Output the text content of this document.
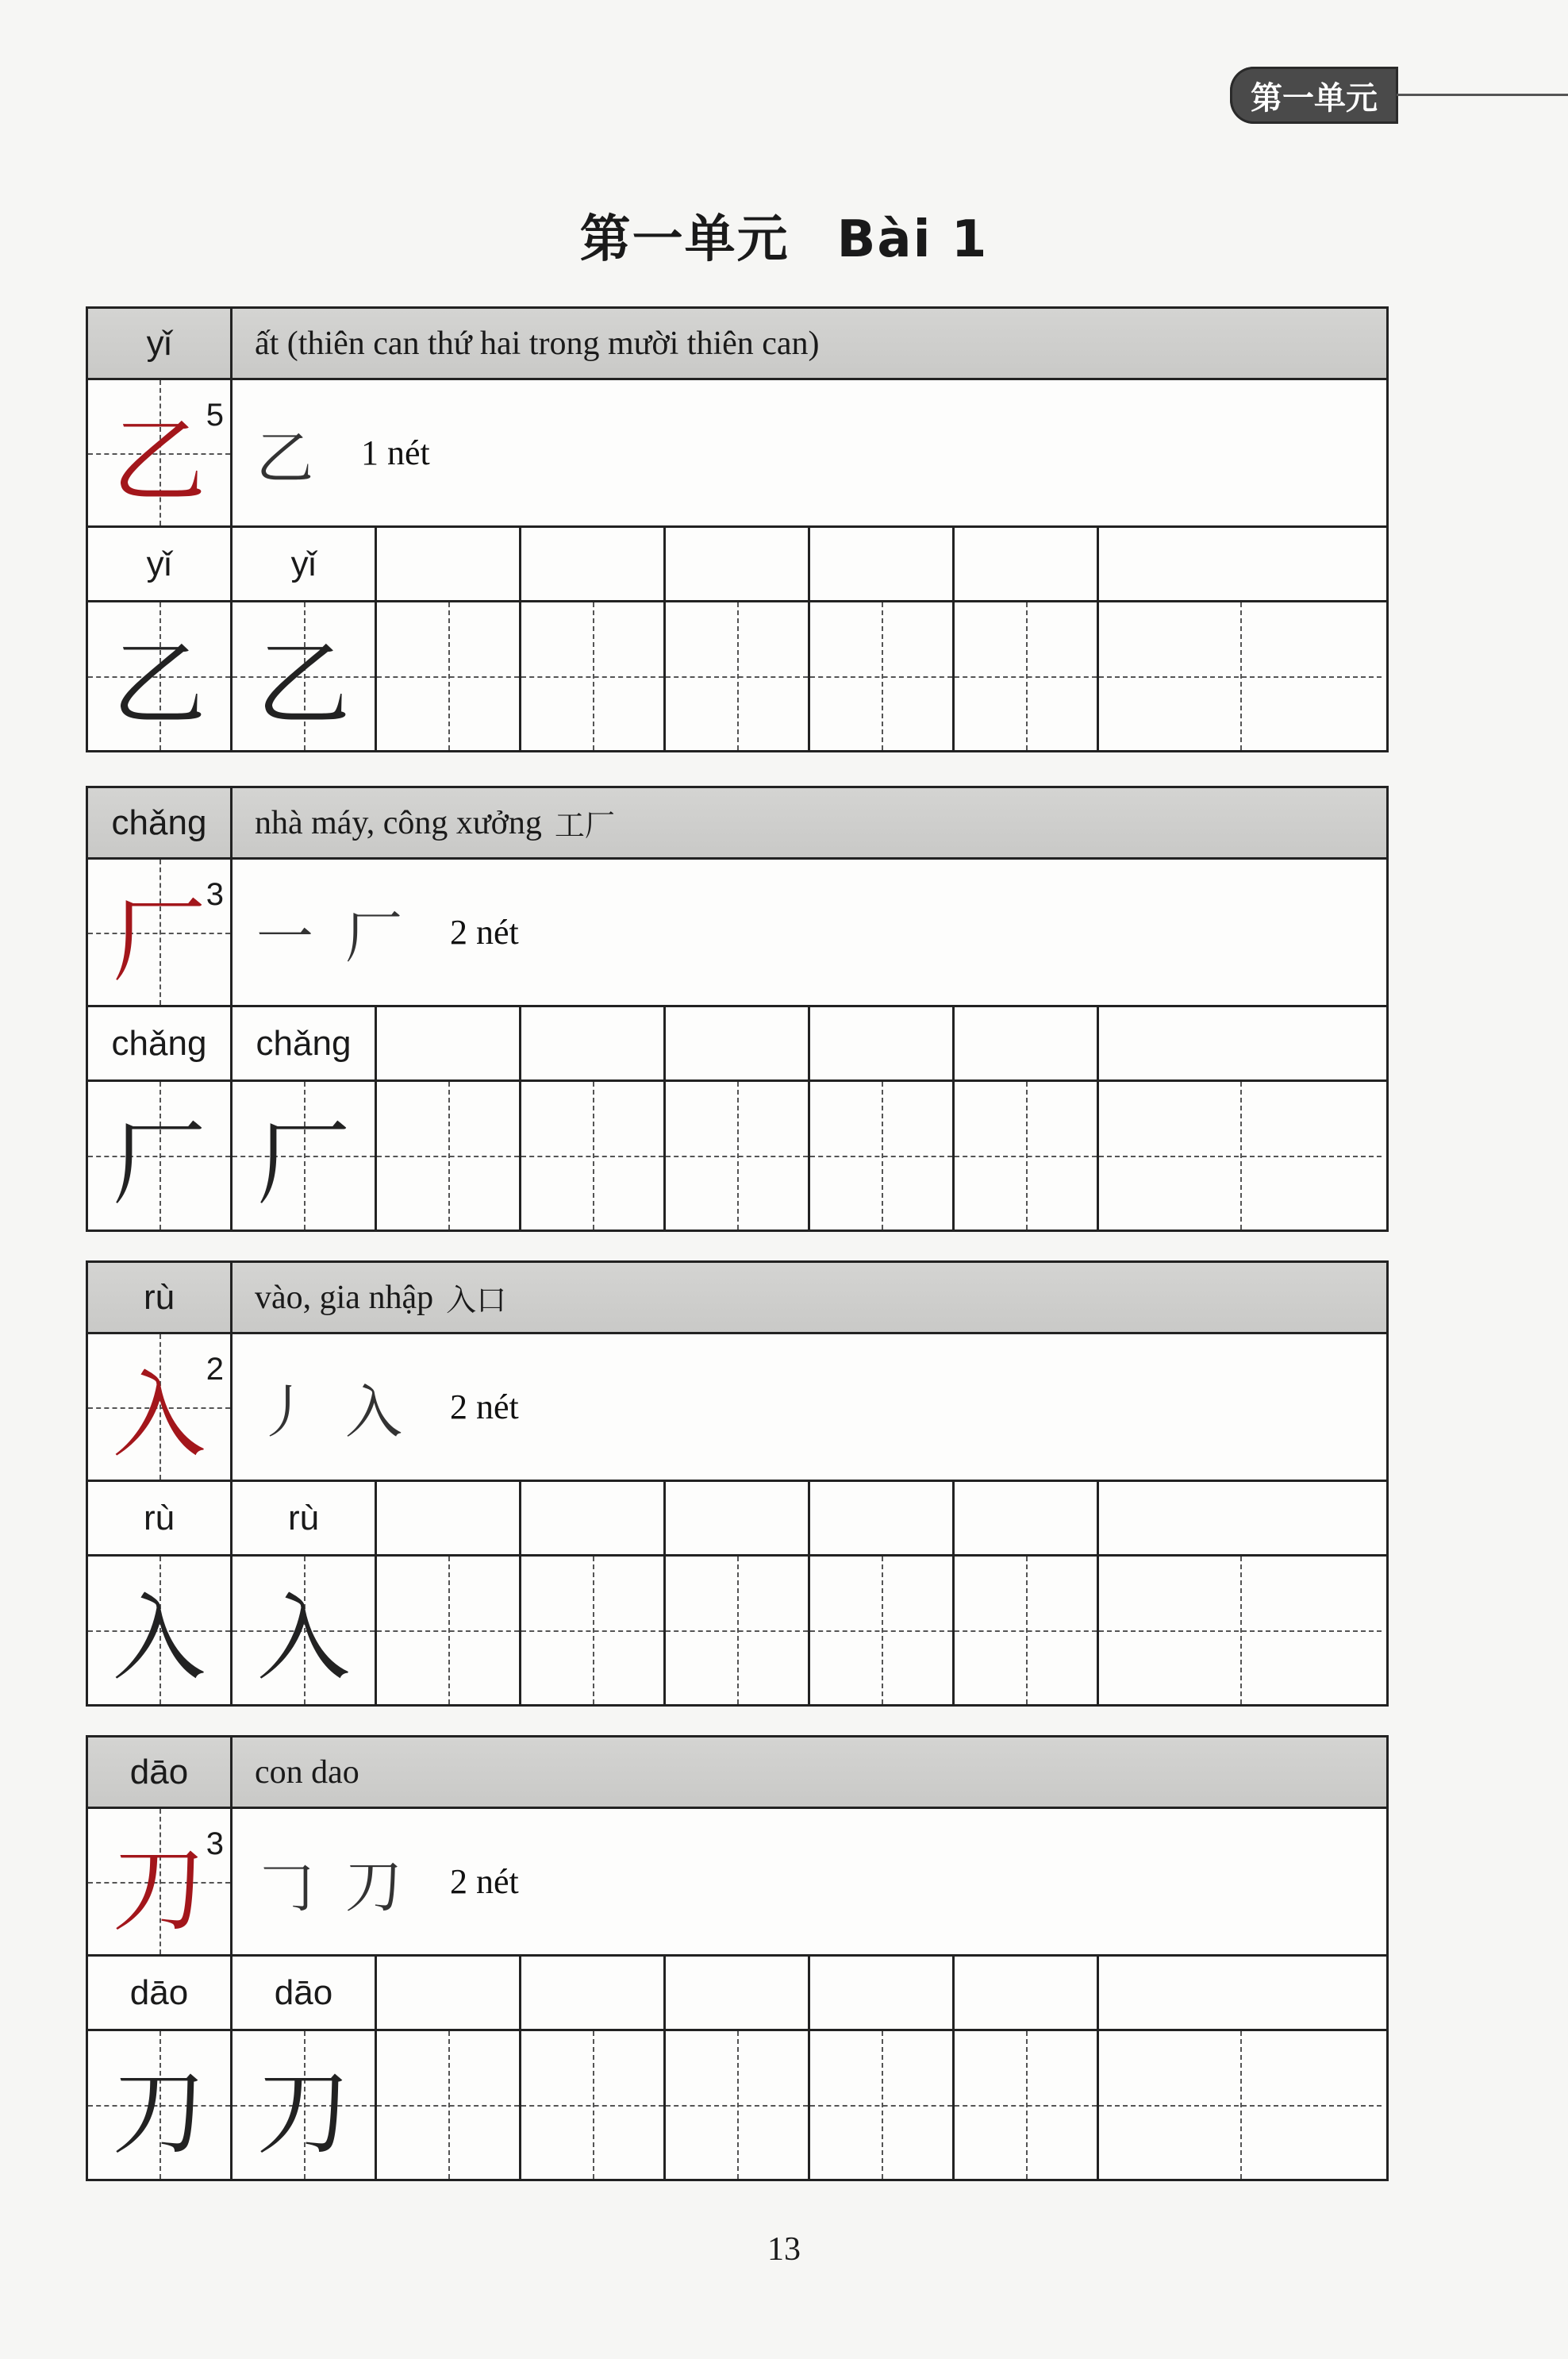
第一单元
第一单元 Bài 1
yǐ	ất (thiên can thứ hai trong mười thiên can)
乙 5
乙 1 nét
yǐ	yǐ
乙 乙
chǎng	nhà máy, công xưởng 工厂
厂 3
一 厂 2 nét
chǎng	chǎng
厂 厂
rù	vào, gia nhập 入口
入 2
丿 入 2 nét
rù	rù
入 入
dāo	con dao
刀 3
𠃌 刀 2 nét
dāo	dāo
刀 刀
13
